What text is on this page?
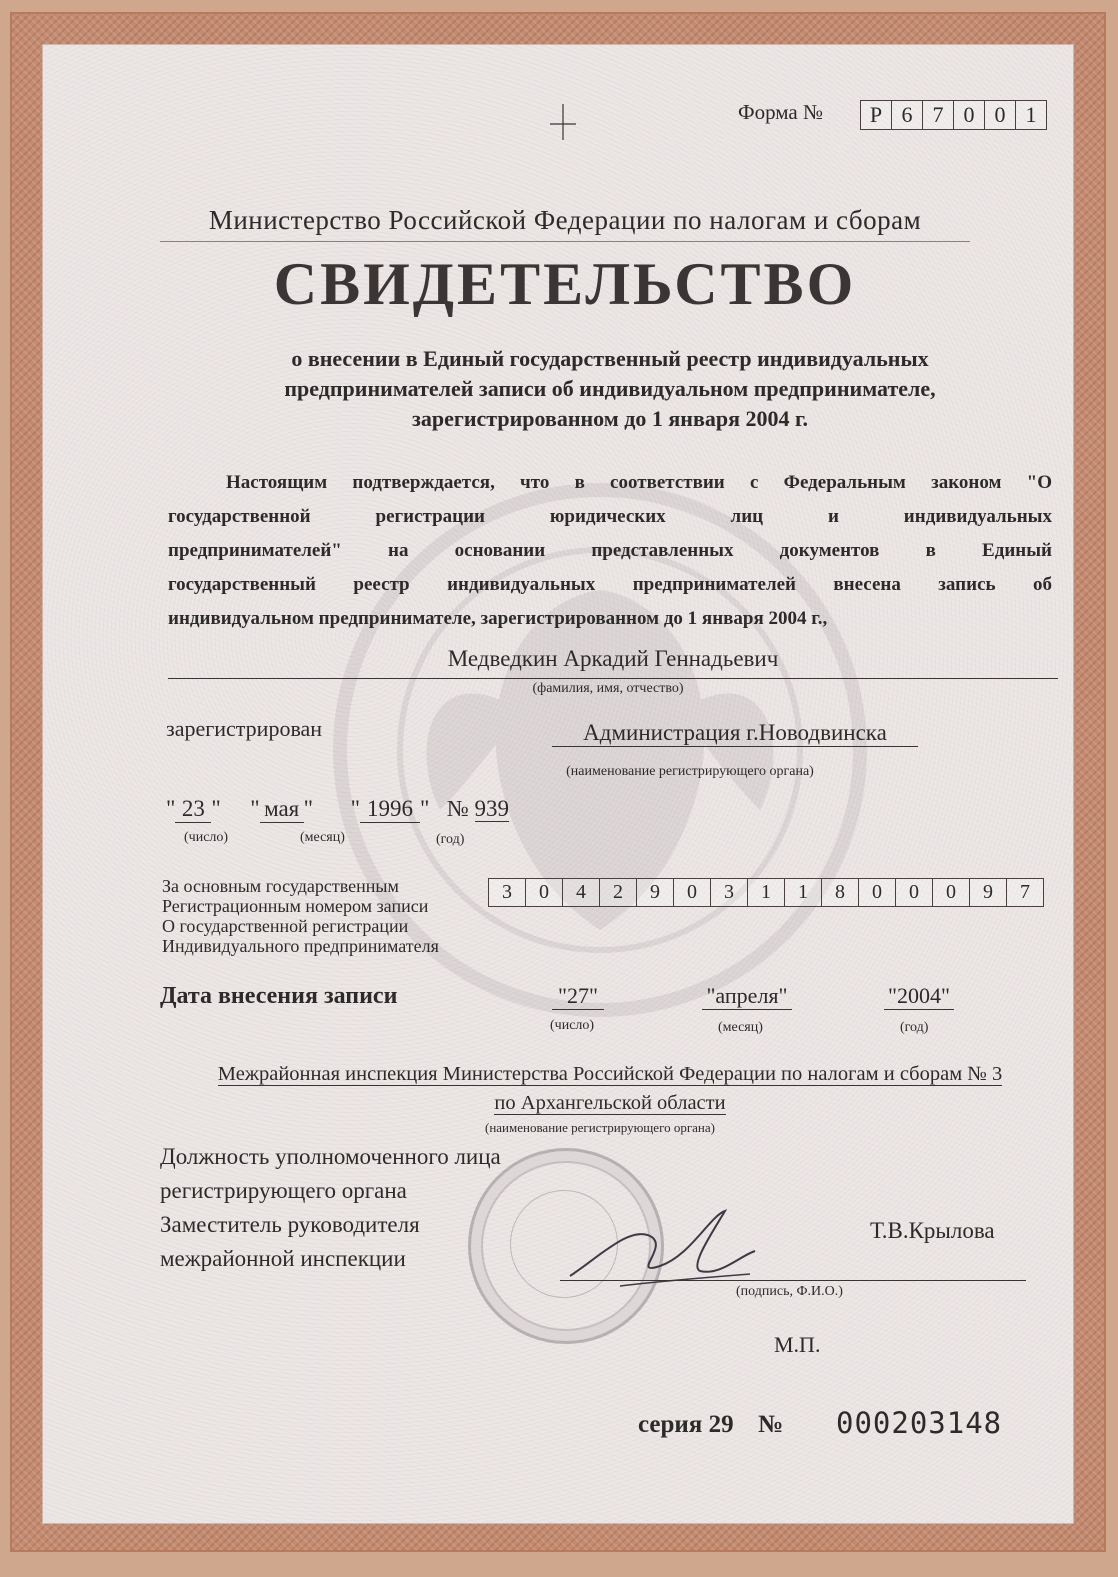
Форма №	Р 6 7 0 0 1
Министерство Российской Федерации по налогам и сборам
СВИДЕТЕЛЬСТВО
о внесении в Единый государственный реестр индивидуальных
предпринимателей записи об индивидуальном предпринимателе,
зарегистрированном до 1 января 2004 г.
Настоящим подтверждается, что в соответствии с Федеральным законом "О
государственной регистрации юридических лиц и индивидуальных
предпринимателей" на основании представленных документов в Единый
государственный реестр индивидуальных предпринимателей внесена запись об
индивидуальном предпринимателе, зарегистрированном до 1 января 2004 г.,
Медведкин Аркадий Геннадьевич
(фамилия, имя, отчество)
зарегистрирован	Администрация г.Новодвинска
(наименование регистрирующего органа)
" 23 " " мая " " 1996 " № 939
(число)	(месяц)	(год)
За основным государственным
Регистрационным номером записи
О государственной регистрации
Индивидуального предпринимателя
3	0	4	2	9	0	3	1	1	8	0	0	0	9	7
Дата внесения записи	"27"	"апреля"	"2004"
(число)	(месяц)	(год)
Межрайонная инспекция Министерства Российской Федерации по налогам и сборам № 3
по Архангельской области
(наименование регистрирующего органа)
Должность уполномоченного лица
регистрирующего органа
Заместитель руководителя
межрайонной инспекции
Т.В.Крылова
(подпись, Ф.И.О.)
М.П.
серия 29 № 000203148
